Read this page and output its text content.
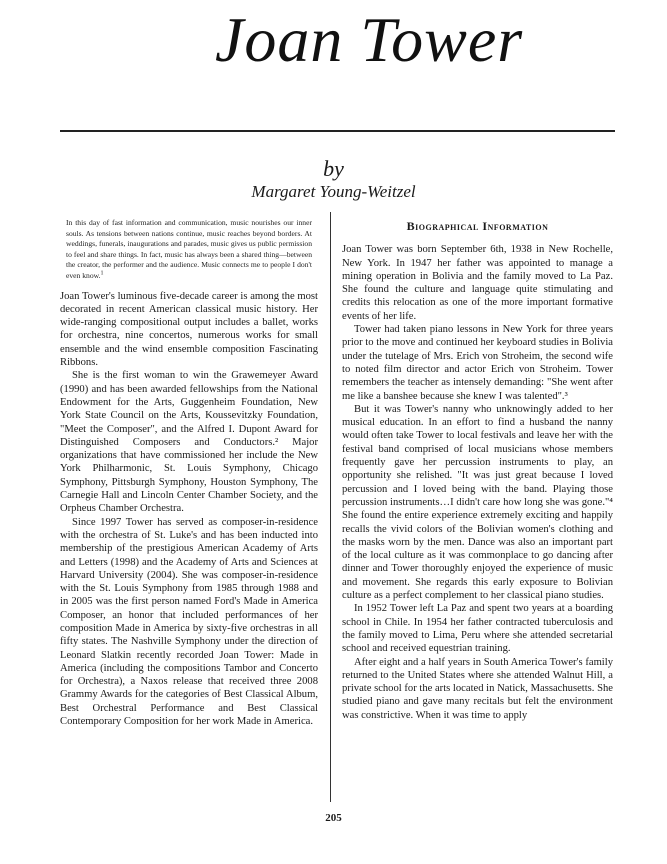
Joan Tower
by
Margaret Young-Weitzel
In this day of fast information and communication, music nourishes our inner souls. As tensions between nations continue, music reaches beyond borders. At weddings, funerals, inaugurations and parades, music gives us public permission to feel and share things. In fact, music has always been a shared thing—between the creator, the performer and the audience. Music connects me to people I don't even know.$^1$

Joan Tower's luminous five-decade career is among the most decorated in recent American classical music history. Her wide-ranging compositional output includes a ballet, works for orchestra, nine concertos, numerous works for small ensemble and the wind ensemble composition Fascinating Ribbons.

She is the first woman to win the Grawemeyer Award (1990) and has been awarded fellowships from the National Endowment for the Arts, Guggenheim Foundation, New York State Council on the Arts, Koussevitzky Foundation, "Meet the Composer", and the Alfred I. Dupont Award for Distinguished Composers and Conductors.² Major organizations that have commissioned her include the New York Philharmonic, St. Louis Symphony, Chicago Symphony, Pittsburgh Symphony, Houston Symphony, The Carnegie Hall and Lincoln Center Chamber Society, and the Orpheus Chamber Orchestra.

Since 1997 Tower has served as composer-in-residence with the orchestra of St. Luke's and has been inducted into membership of the prestigious American Academy of Arts and Letters (1998) and the Academy of Arts and Sciences at Harvard University (2004). She was composer-in-residence with the St. Louis Symphony from 1985 through 1988 and in 2005 was the first person named Ford's Made in America Composer, an honor that included performances of her composition Made in America by sixty-five orchestras in all fifty states. The Nashville Symphony under the direction of Leonard Slatkin recently recorded Joan Tower: Made in America (including the compositions Tambor and Concerto for Orchestra), a Naxos release that received three 2008 Grammy Awards for the categories of Best Classical Album, Best Orchestral Performance and Best Classical Contemporary Composition for her work Made in America.

Biographical Information

Joan Tower was born September 6th, 1938 in New Rochelle, New York. In 1947 her father was appointed to manage a mining operation in Bolivia and the family moved to La Paz. She found the culture and language quite stimulating and credits this relocation as one of the more important formative events of her life.

Tower had taken piano lessons in New York for three years prior to the move and continued her keyboard studies in Bolivia under the tutelage of Mrs. Erich von Stroheim, the second wife to noted film director and actor Erich von Stroheim. Tower remembers the teacher as intensely demanding: "She went after me like a banshee because she knew I was talented".³

But it was Tower's nanny who unknowingly added to her musical education. In an effort to find a husband the nanny would often take Tower to local festivals and leave her with the festival band comprised of local musicians whose members frequently gave her percussion instruments to play, an opportunity she relished. "It was just great because I loved percussion and I loved being with the band. Playing those percussion instruments…I didn't care how long she was gone."⁴ She found the entire experience extremely exciting and happily recalls the vivid colors of the Bolivian women's clothing and the masks worn by the men. Dance was also an important part of the local culture as it was commonplace to go dancing after dinner and Tower thoroughly enjoyed the experience of music and movement. She regards this early exposure to Bolivian culture as a perfect complement to her classical piano studies.

In 1952 Tower left La Paz and spent two years at a boarding school in Chile. In 1954 her father contracted tuberculosis and the family moved to Lima, Peru where she attended secretarial school and received equestrian training.

After eight and a half years in South America Tower's family returned to the United States where she attended Walnut Hill, a private school for the arts located in Natick, Massachusetts. She studied piano and gave many recitals but felt the environment was constrictive. When it was time to apply

205
